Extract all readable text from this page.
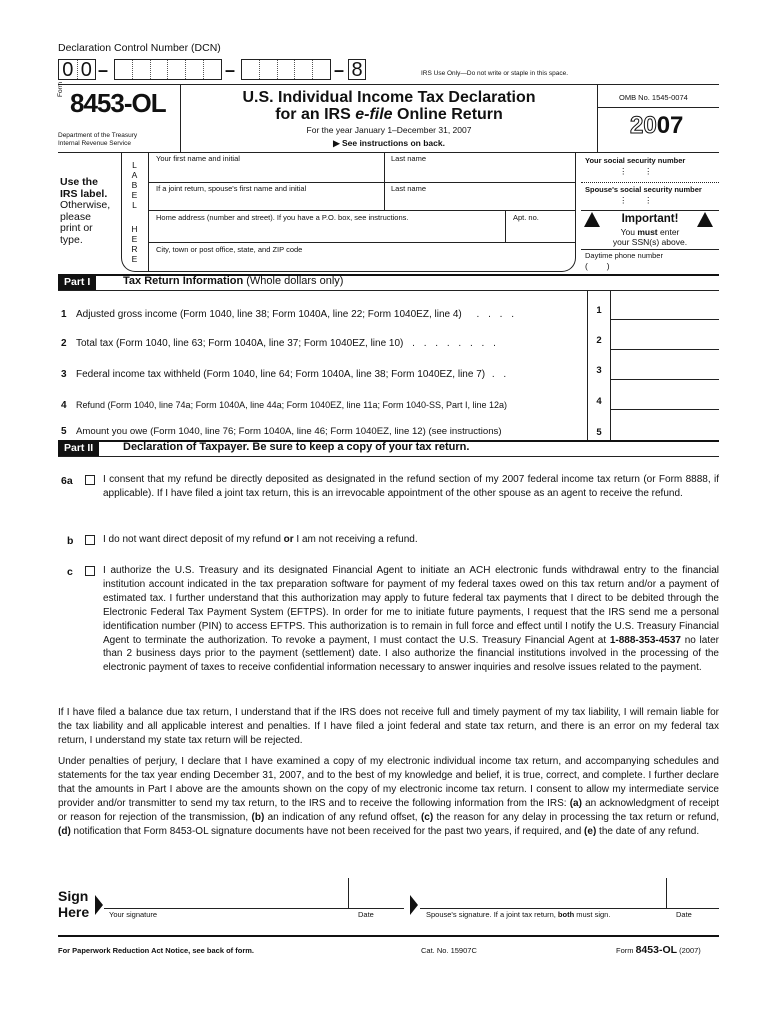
Declaration Control Number (DCN)
0 0 –	–	– 8	IRS Use Only—Do not write or staple in this space.
Form 8453-OL
Department of the Treasury
Internal Revenue Service
U.S. Individual Income Tax Declaration
for an IRS e-file Online Return
For the year January 1–December 31, 2007
▶ See instructions on back.
OMB No. 1545-0074
2007
Use the
IRS label.
Otherwise,
please
print or
type.
L
A
B
E
L
H
E
R
E
Your first name and initial	Last name
If a joint return, spouse's first name and initial	Last name
Home address (number and street). If you have a P.O. box, see instructions.	Apt. no.
City, town or post office, state, and ZIP code
Your social security number
⋮       ⋮
Spouse's social security number
⋮       ⋮
Important!
You must enter
your SSN(s) above.
Daytime phone number
(        )
Part I	Tax Return Information (Whole dollars only)
1 Adjusted gross income (Form 1040, line 38; Form 1040A, line 22; Form 1040EZ, line 4) . . . .	1
2 Total tax (Form 1040, line 63; Form 1040A, line 37; Form 1040EZ, line 10) . . . . . . . .	2
3 Federal income tax withheld (Form 1040, line 64; Form 1040A, line 38; Form 1040EZ, line 7) . .	3
4 Refund (Form 1040, line 74a; Form 1040A, line 44a; Form 1040EZ, line 11a; Form 1040-SS, Part I, line 12a)	4
5 Amount you owe (Form 1040, line 76; Form 1040A, line 46; Form 1040EZ, line 12) (see instructions)	5
Part II	Declaration of Taxpayer. Be sure to keep a copy of your tax return.
6a	I consent that my refund be directly deposited as designated in the refund section of my 2007 federal income tax return (or Form 8888, if applicable). If I have filed a joint tax return, this is an irrevocable appointment of the other spouse as an agent to receive the refund.
b	I do not want direct deposit of my refund or I am not receiving a refund.
c	I authorize the U.S. Treasury and its designated Financial Agent to initiate an ACH electronic funds withdrawal entry to the financial institution account indicated in the tax preparation software for payment of my federal taxes owed on this tax return and/or a payment of estimated tax. I further understand that this authorization may apply to future federal tax payments that I direct to be debited through the Electronic Federal Tax Payment System (EFTPS). In order for me to initiate future payments, I request that the IRS send me a personal identification number (PIN) to access EFTPS. This authorization is to remain in full force and effect until I notify the U.S. Treasury Financial Agent to terminate the authorization. To revoke a payment, I must contact the U.S. Treasury Financial Agent at 1-888-353-4537 no later than 2 business days prior to the payment (settlement) date. I also authorize the financial institutions involved in the processing of the electronic payment of taxes to receive confidential information necessary to answer inquiries and resolve issues related to the payment.
If I have filed a balance due tax return, I understand that if the IRS does not receive full and timely payment of my tax liability, I will remain liable for the tax liability and all applicable interest and penalties. If I have filed a joint federal and state tax return, and there is an error on my federal tax return, I understand my state tax return will be rejected.
Under penalties of perjury, I declare that I have examined a copy of my electronic individual income tax return, and accompanying schedules and statements for the tax year ending December 31, 2007, and to the best of my knowledge and belief, it is true, correct, and complete. I further declare that the amounts in Part I above are the amounts shown on the copy of my electronic income tax return. I consent to allow my intermediate service provider and/or transmitter to send my tax return, to the IRS and to receive the following information from the IRS: (a) an acknowledgment of receipt or reason for rejection of the transmission, (b) an indication of any refund offset, (c) the reason for any delay in processing the tax return or refund, (d) notification that Form 8453-OL signature documents have not been received for the past two years, if required, and (e) the date of any refund.
Sign
Here	Your signature	Date	Spouse's signature. If a joint tax return, both must sign.	Date
For Paperwork Reduction Act Notice, see back of form.	Cat. No. 15907C	Form 8453-OL (2007)
